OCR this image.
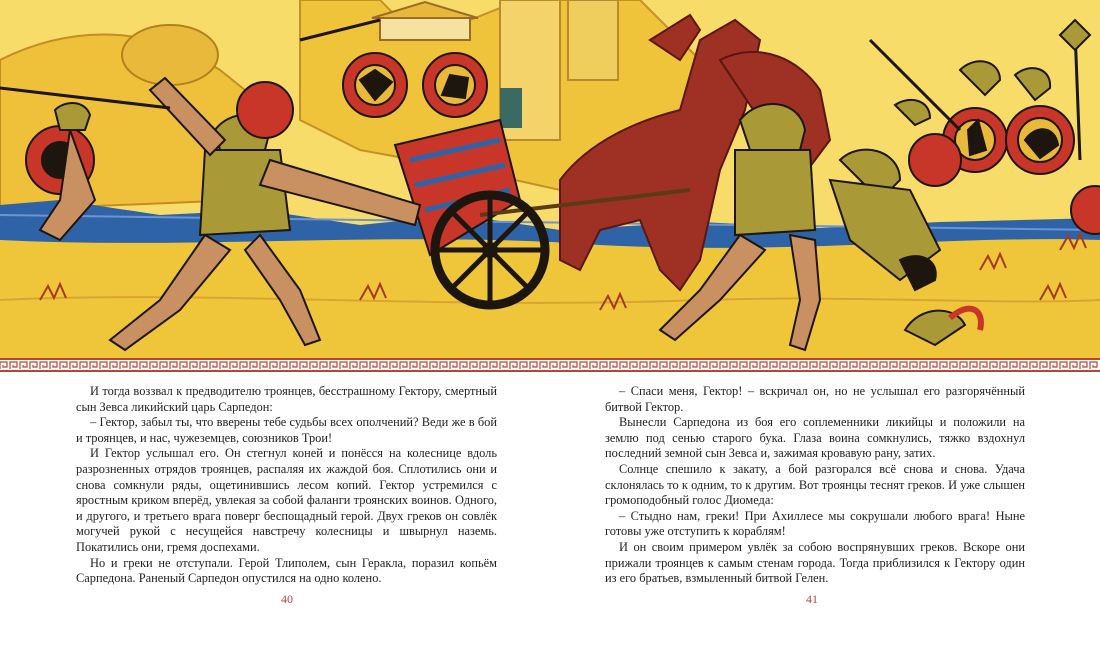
И тогда воззвал к предводителю троянцев, бесстрашному Гектору, смертный сын Зевса ликийский царь Сарпедон:

– Гектор, забыл ты, что вверены тебе судьбы всех ополчений? Веди же в бой и троянцев, и нас, чужеземцев, союзников Трои!

И Гектор услышал его. Он стегнул коней и понёсся на колеснице вдоль разрозненных отрядов троянцев, распаляя их жаждой боя. Сплотились они и снова сомкнули ряды, ощетинившись лесом копий. Гектор устремился с яростным криком вперёд, увлекая за собой фаланги троянских воинов. Одного, и другого, и третьего врага поверг беспощадный герой. Двух греков он совлёк могучей рукой с несущейся навстречу колесницы и швырнул наземь. Покатились они, гремя доспехами.

Но и греки не отступали. Герой Тлиполем, сын Геракла, поразил копьём Сарпедона. Раненый Сарпедон опустился на одно колено.

– Спаси меня, Гектор! – вскричал он, но не услышал его разгорячённый битвой Гектор.

Вынесли Сарпедона из боя его соплеменники ликийцы и положили на землю под сенью старого бука. Глаза воина сомкнулись, тяжко вздохнул последний земной сын Зевса и, зажимая кровавую рану, затих.

Солнце спешило к закату, а бой разгорался всё снова и снова. Удача склонялась то к одним, то к другим. Вот троянцы теснят греков. И уже слышен громоподобный голос Диомеда:

– Стыдно нам, греки! При Ахиллесе мы сокрушали любого врага! Ныне готовы уже отступить к кораблям!

И он своим примером увлёк за собою воспрянувших греков. Вскоре они прижали троянцев к самым стенам города. Тогда приблизился к Гектору один из его братьев, взмыленный битвой Гелен.

40	41
